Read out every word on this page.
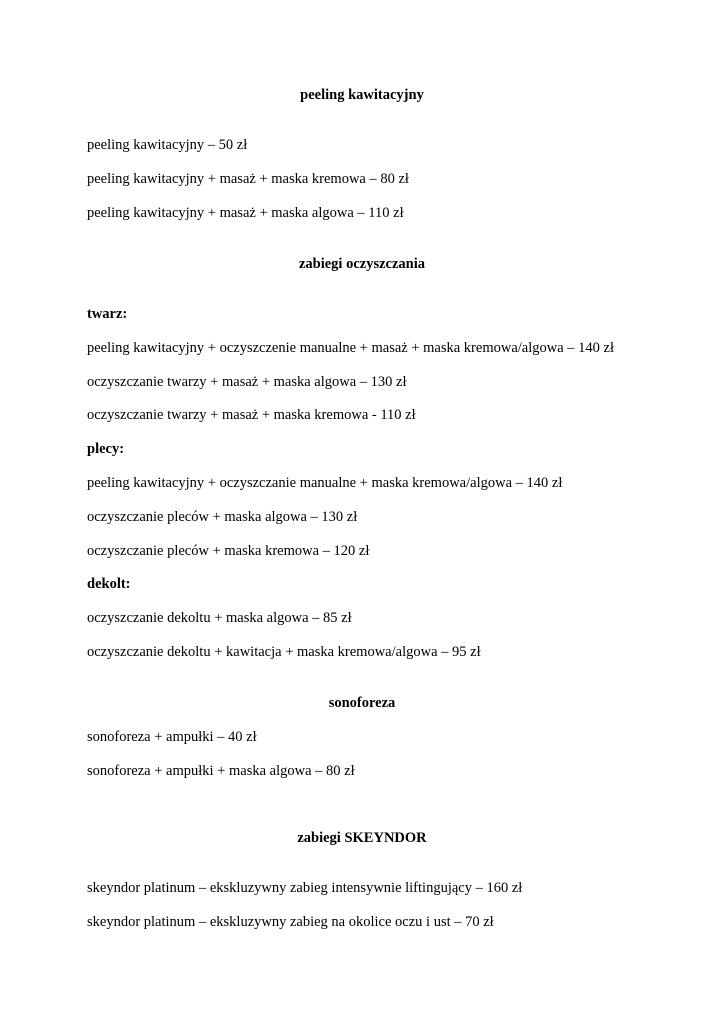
peeling kawitacyjny
peeling kawitacyjny – 50 zł
peeling kawitacyjny + masaż + maska kremowa – 80 zł
peeling kawitacyjny + masaż + maska algowa – 110 zł
zabiegi oczyszczania
twarz:
peeling kawitacyjny + oczyszczenie manualne + masaż + maska kremowa/algowa – 140 zł
oczyszczanie twarzy + masaż + maska algowa – 130 zł
oczyszczanie twarzy + masaż + maska kremowa - 110 zł
plecy:
peeling kawitacyjny + oczyszczanie manualne + maska kremowa/algowa – 140 zł
oczyszczanie pleców + maska algowa – 130 zł
oczyszczanie pleców + maska kremowa – 120 zł
dekolt:
oczyszczanie dekoltu + maska algowa – 85 zł
oczyszczanie dekoltu + kawitacja + maska kremowa/algowa – 95 zł
sonoforeza
sonoforeza + ampułki – 40 zł
sonoforeza + ampułki + maska algowa – 80 zł
zabiegi SKEYNDOR
skeyndor platinum – ekskluzywny zabieg intensywnie liftingujący – 160 zł
skeyndor platinum – ekskluzywny zabieg na okolice oczu i ust – 70 zł
